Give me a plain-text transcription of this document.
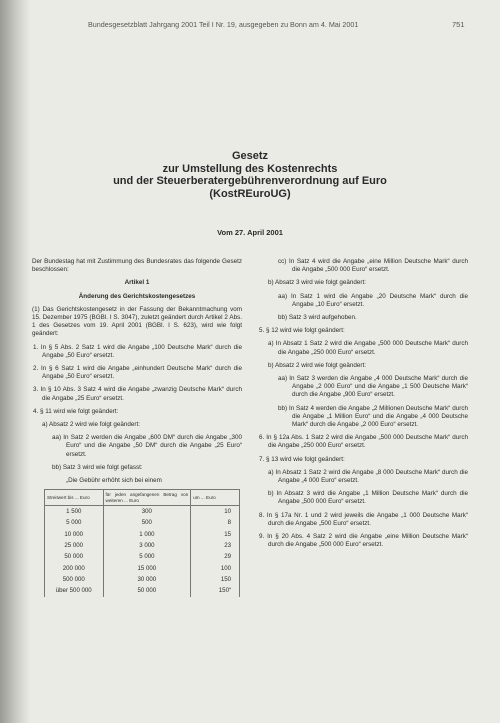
Bundesgesetzblatt Jahrgang 2001 Teil I Nr. 19, ausgegeben zu Bonn am 4. Mai 2001	751
Gesetz
zur Umstellung des Kostenrechts
und der Steuerberatergebührenverordnung auf Euro
(KostREuroUG)
Vom 27. April 2001

Der Bundestag hat mit Zustimmung des Bundesrates das folgende Gesetz beschlossen:

Artikel 1

Änderung des Gerichtskostengesetzes

(1) Das Gerichtskostengesetz in der Fassung der Bekanntmachung vom 15. Dezember 1975 (BGBl. I S. 3047), zuletzt geändert durch Artikel 2 Abs. 1 des Gesetzes vom 19. April 2001 (BGBl. I S. 623), wird wie folgt geändert:

1. In § 5 Abs. 2 Satz 1 wird die Angabe „100 Deutsche Mark“ durch die Angabe „50 Euro“ ersetzt.

2. In § 6 Satz 1 wird die Angabe „einhundert Deutsche Mark“ durch die Angabe „50 Euro“ ersetzt.

3. In § 10 Abs. 3 Satz 4 wird die Angabe „zwanzig Deutsche Mark“ durch die Angabe „25 Euro“ ersetzt.

4. § 11 wird wie folgt geändert:

a) Absatz 2 wird wie folgt geändert:

aa) In Satz 2 werden die Angabe „600 DM“ durch die Angabe „300 Euro“ und die Angabe „50 DM“ durch die Angabe „25 Euro“ ersetzt.

bb) Satz 3 wird wie folgt gefasst:

„Die Gebühr erhöht sich bei einem

Streitwert bis ... Euro	für jeden angefangenen Betrag von weiteren ... Euro	um ... Euro
1 500	300	10
5 000	500	8
10 000	1 000	15
25 000	3 000	23
50 000	5 000	29
200 000	15 000	100
500 000	30 000	150
über 500 000	50 000	150“

cc) In Satz 4 wird die Angabe „eine Million Deutsche Mark“ durch die Angabe „500 000 Euro“ ersetzt.

b) Absatz 3 wird wie folgt geändert:

aa) In Satz 1 wird die Angabe „20 Deutsche Mark“ durch die Angabe „10 Euro“ ersetzt.

bb) Satz 3 wird aufgehoben.

5. § 12 wird wie folgt geändert:

a) In Absatz 1 Satz 2 wird die Angabe „500 000 Deutsche Mark“ durch die Angabe „250 000 Euro“ ersetzt.

b) Absatz 2 wird wie folgt geändert:

aa) In Satz 3 werden die Angabe „4 000 Deutsche Mark“ durch die Angabe „2 000 Euro“ und die Angabe „1 500 Deutsche Mark“ durch die Angabe „900 Euro“ ersetzt.

bb) In Satz 4 werden die Angabe „2 Millionen Deutsche Mark“ durch die Angabe „1 Million Euro“ und die Angabe „4 000 Deutsche Mark“ durch die Angabe „2 000 Euro“ ersetzt.

6. In § 12a Abs. 1 Satz 2 wird die Angabe „500 000 Deutsche Mark“ durch die Angabe „250 000 Euro“ ersetzt.

7. § 13 wird wie folgt geändert:

a) In Absatz 1 Satz 2 wird die Angabe „8 000 Deutsche Mark“ durch die Angabe „4 000 Euro“ ersetzt.

b) In Absatz 3 wird die Angabe „1 Million Deutsche Mark“ durch die Angabe „500 000 Euro“ ersetzt.

8. In § 17a Nr. 1 und 2 wird jeweils die Angabe „1 000 Deutsche Mark“ durch die Angabe „500 Euro“ ersetzt.

9. In § 20 Abs. 4 Satz 2 wird die Angabe „eine Million Deutsche Mark“ durch die Angabe „500 000 Euro“ ersetzt.
